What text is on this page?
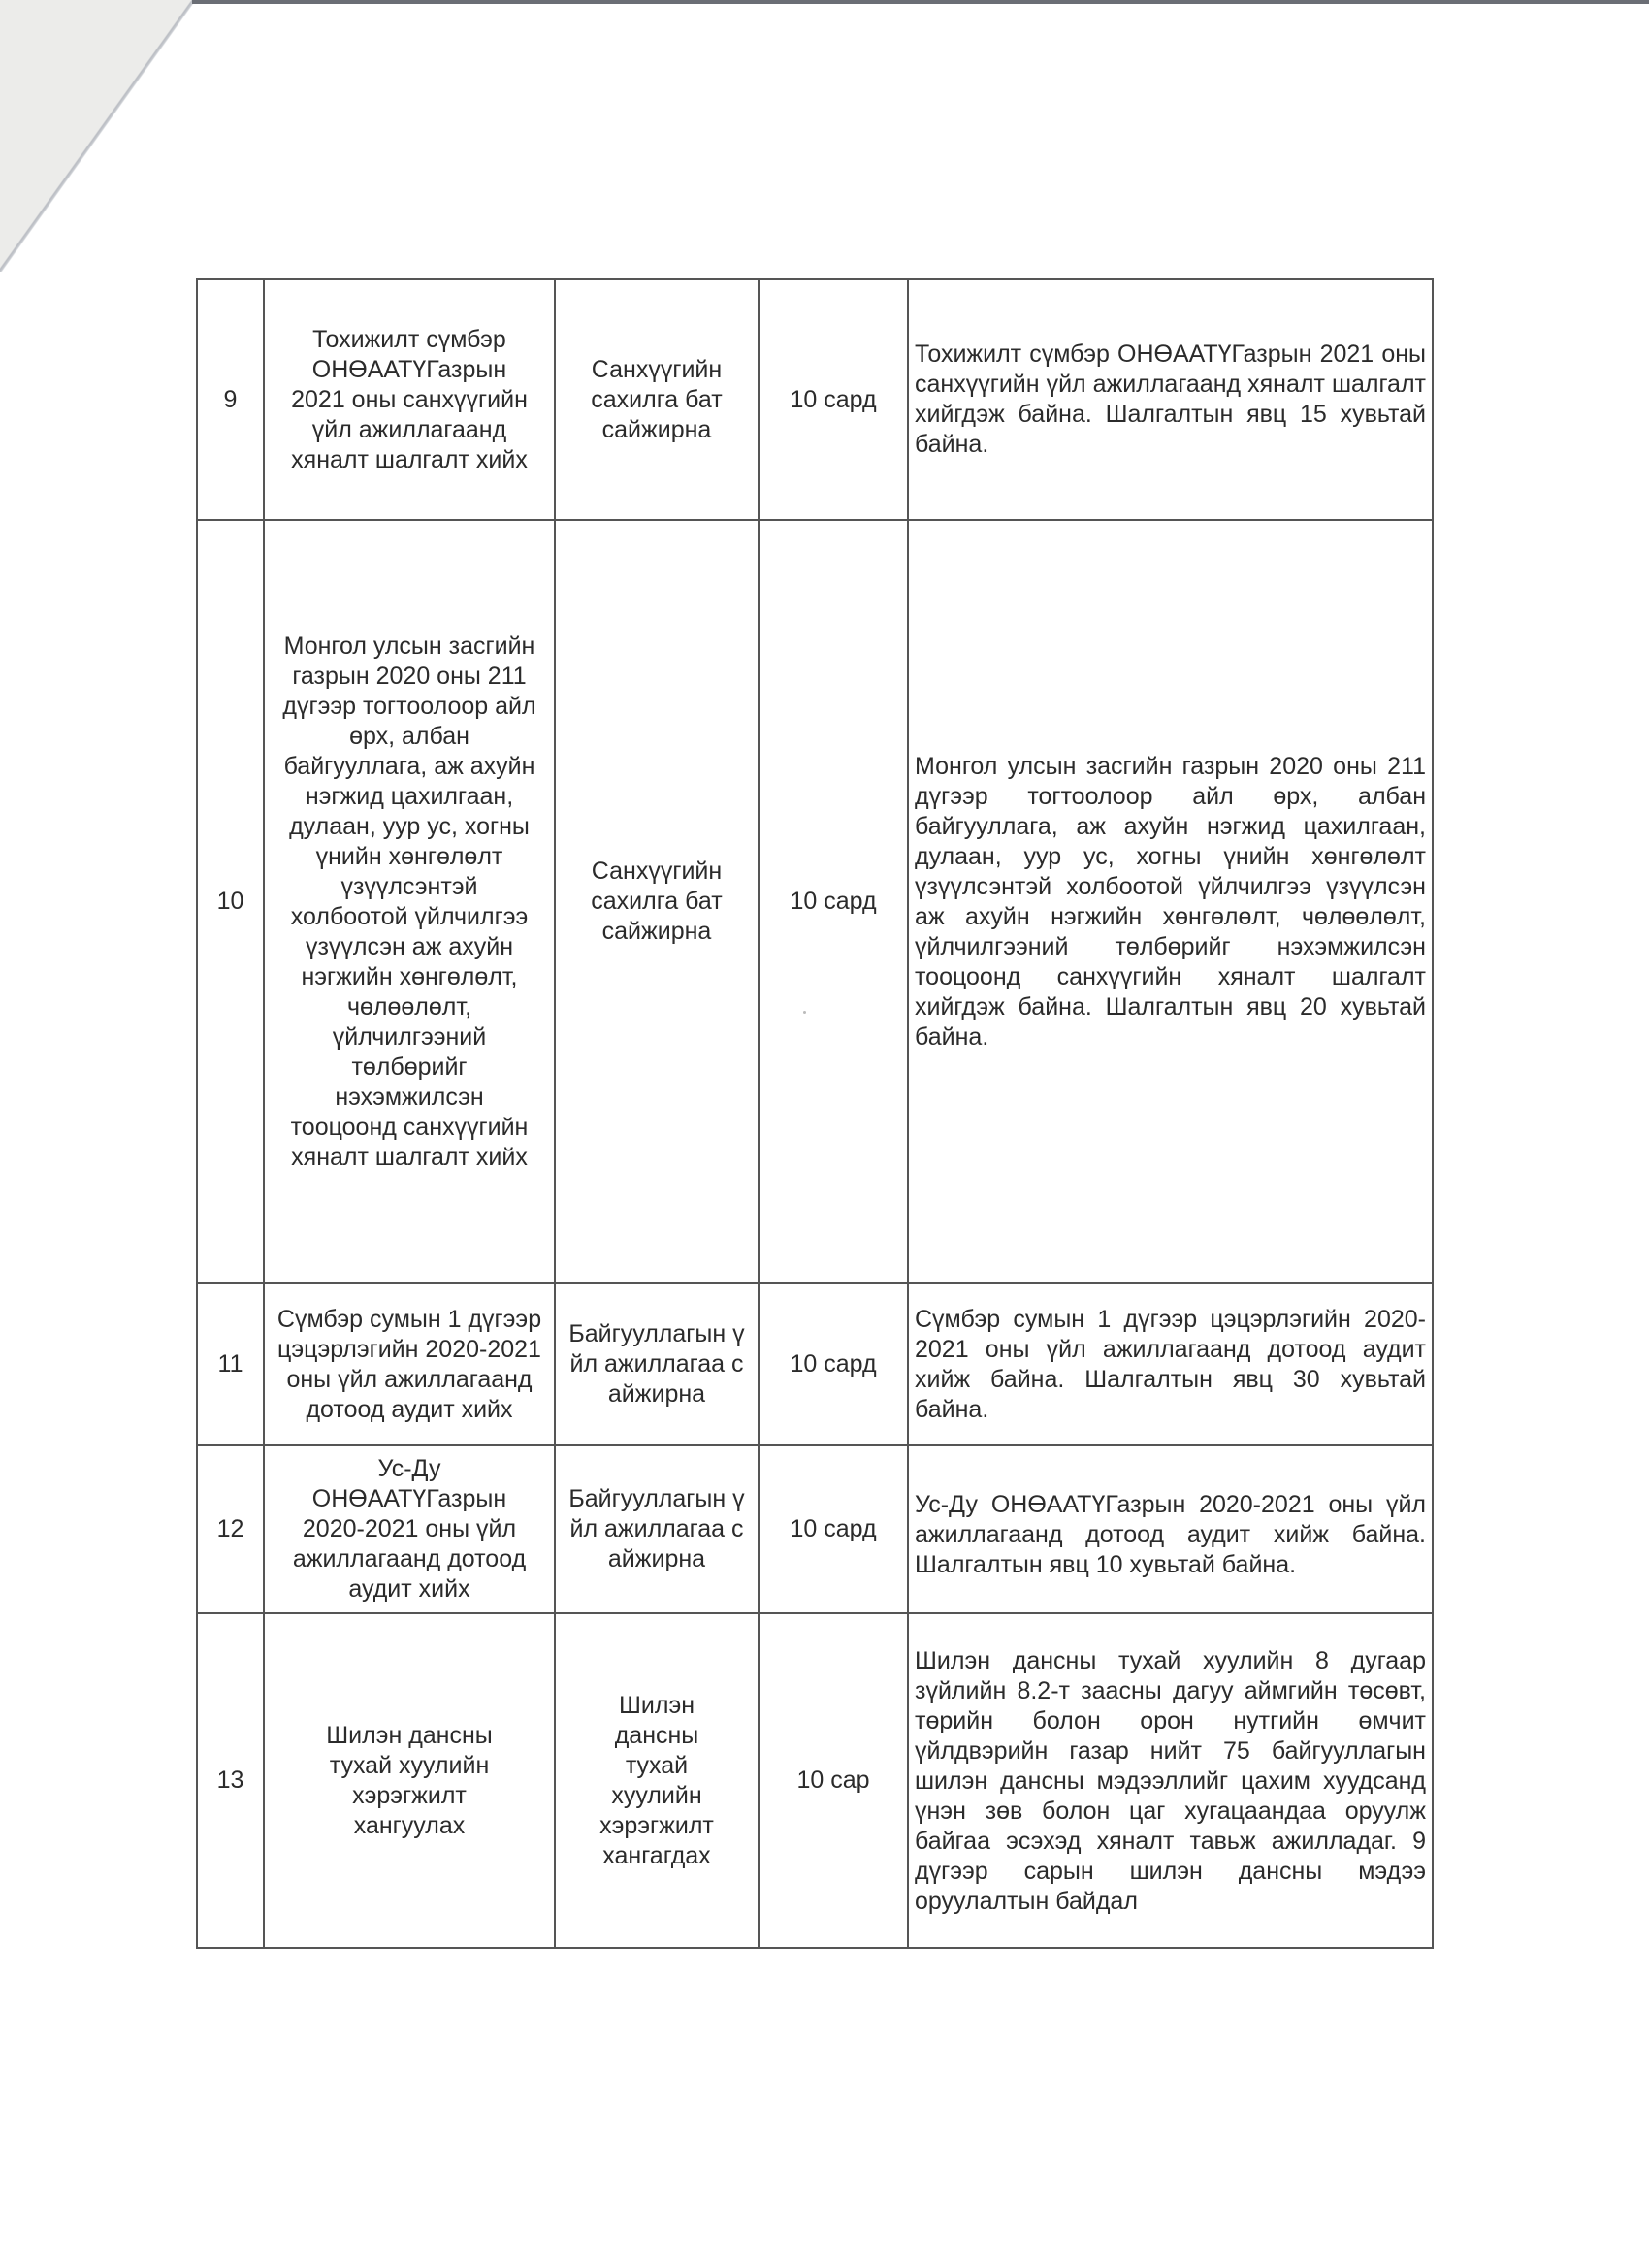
9	Тохижилт сүмбэр ОНӨААТҮГазрын 2021 оны санхүүгийн үйл ажиллагаанд хяналт шалгалт хийх	Санхүүгийн сахилга бат сайжирна	10 сард	Тохижилт сүмбэр ОНӨААТҮГазрын 2021 оны санхүүгийн үйл ажиллагаанд хяналт шалгалт хийгдэж байна. Шалгалтын явц 15 хувьтай байна.
10	Монгол улсын засгийн газрын 2020 оны 211 дүгээр тогтоолоор айл өрх, албан байгууллага, аж ахуйн нэгжид цахилгаан, дулаан, уур ус, хогны үнийн хөнгөлөлт үзүүлсэнтэй холбоотой үйлчилгээ үзүүлсэн аж ахуйн нэгжийн хөнгөлөлт, чөлөөлөлт, үйлчилгээний төлбөрийг нэхэмжилсэн тооцоонд санхүүгийн хяналт шалгалт хийх	Санхүүгийн сахилга бат сайжирна	10 сард	Монгол улсын засгийн газрын 2020 оны 211 дүгээр тогтоолоор айл өрх, албан байгууллага, аж ахуйн нэгжид цахилгаан, дулаан, уур ус, хогны үнийн хөнгөлөлт үзүүлсэнтэй холбоотой үйлчилгээ үзүүлсэн аж ахуйн нэгжийн хөнгөлөлт, чөлөөлөлт, үйлчилгээний төлбөрийг нэхэмжилсэн тооцоонд санхүүгийн хяналт шалгалт хийгдэж байна. Шалгалтын явц 20 хувьтай байна.
11	Сүмбэр сумын 1 дүгээр цэцэрлэгийн 2020-2021 оны үйл ажиллагаанд дотоод аудит хийх	Байгууллагын үйл ажиллагаа сайжирна	10 сард	Сүмбэр сумын 1 дүгээр цэцэрлэгийн 2020-2021 оны үйл ажиллагаанд дотоод аудит хийж байна. Шалгалтын явц 30 хувьтай байна.
12	Ус-Ду ОНӨААТҮГазрын 2020-2021 оны үйл ажиллагаанд дотоод аудит хийх	Байгууллагын үйл ажиллагаа сайжирна	10 сард	Ус-Ду ОНӨААТҮГазрын 2020-2021 оны үйл ажиллагаанд дотоод аудит хийж байна. Шалгалтын явц 10 хувьтай байна.
13	Шилэн дансны тухай хуулийн хэрэгжилт хангуулах	Шилэн дансны тухай хуулийн хэрэгжилт хангагдах	10 сар	Шилэн дансны тухай хуулийн 8 дугаар зүйлийн 8.2-т заасны дагуу аймгийн төсөвт, төрийн болон орон нутгийн өмчит үйлдвэрийн газар нийт 75 байгууллагын шилэн дансны мэдээллийг цахим хуудсанд үнэн зөв болон цаг хугацаандаа оруулж байгаа эсэхэд хяналт тавьж ажилладаг. 9 дүгээр сарын шилэн дансны мэдээ оруулалтын байдал
